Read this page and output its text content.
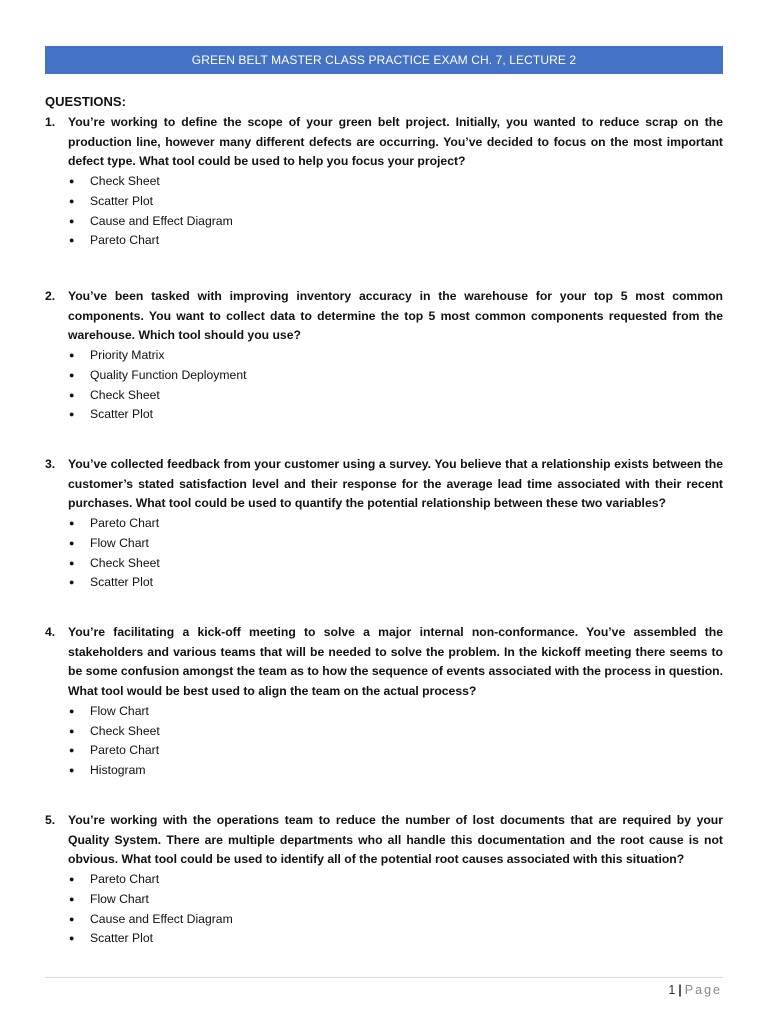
GREEN BELT MASTER CLASS PRACTICE EXAM CH. 7, LECTURE 2
QUESTIONS:
1. You’re working to define the scope of your green belt project. Initially, you wanted to reduce scrap on the production line, however many different defects are occurring. You’ve decided to focus on the most important defect type. What tool could be used to help you focus your project?
● Check Sheet
● Scatter Plot
● Cause and Effect Diagram
● Pareto Chart
2. You’ve been tasked with improving inventory accuracy in the warehouse for your top 5 most common components. You want to collect data to determine the top 5 most common components requested from the warehouse. Which tool should you use?
● Priority Matrix
● Quality Function Deployment
● Check Sheet
● Scatter Plot
3. You’ve collected feedback from your customer using a survey. You believe that a relationship exists between the customer’s stated satisfaction level and their response for the average lead time associated with their recent purchases. What tool could be used to quantify the potential relationship between these two variables?
● Pareto Chart
● Flow Chart
● Check Sheet
● Scatter Plot
4. You’re facilitating a kick-off meeting to solve a major internal non-conformance. You’ve assembled the stakeholders and various teams that will be needed to solve the problem. In the kickoff meeting there seems to be some confusion amongst the team as to how the sequence of events associated with the process in question. What tool would be best used to align the team on the actual process?
● Flow Chart
● Check Sheet
● Pareto Chart
● Histogram
5. You’re working with the operations team to reduce the number of lost documents that are required by your Quality System. There are multiple departments who all handle this documentation and the root cause is not obvious. What tool could be used to identify all of the potential root causes associated with this situation?
● Pareto Chart
● Flow Chart
● Cause and Effect Diagram
● Scatter Plot
1 | Page
